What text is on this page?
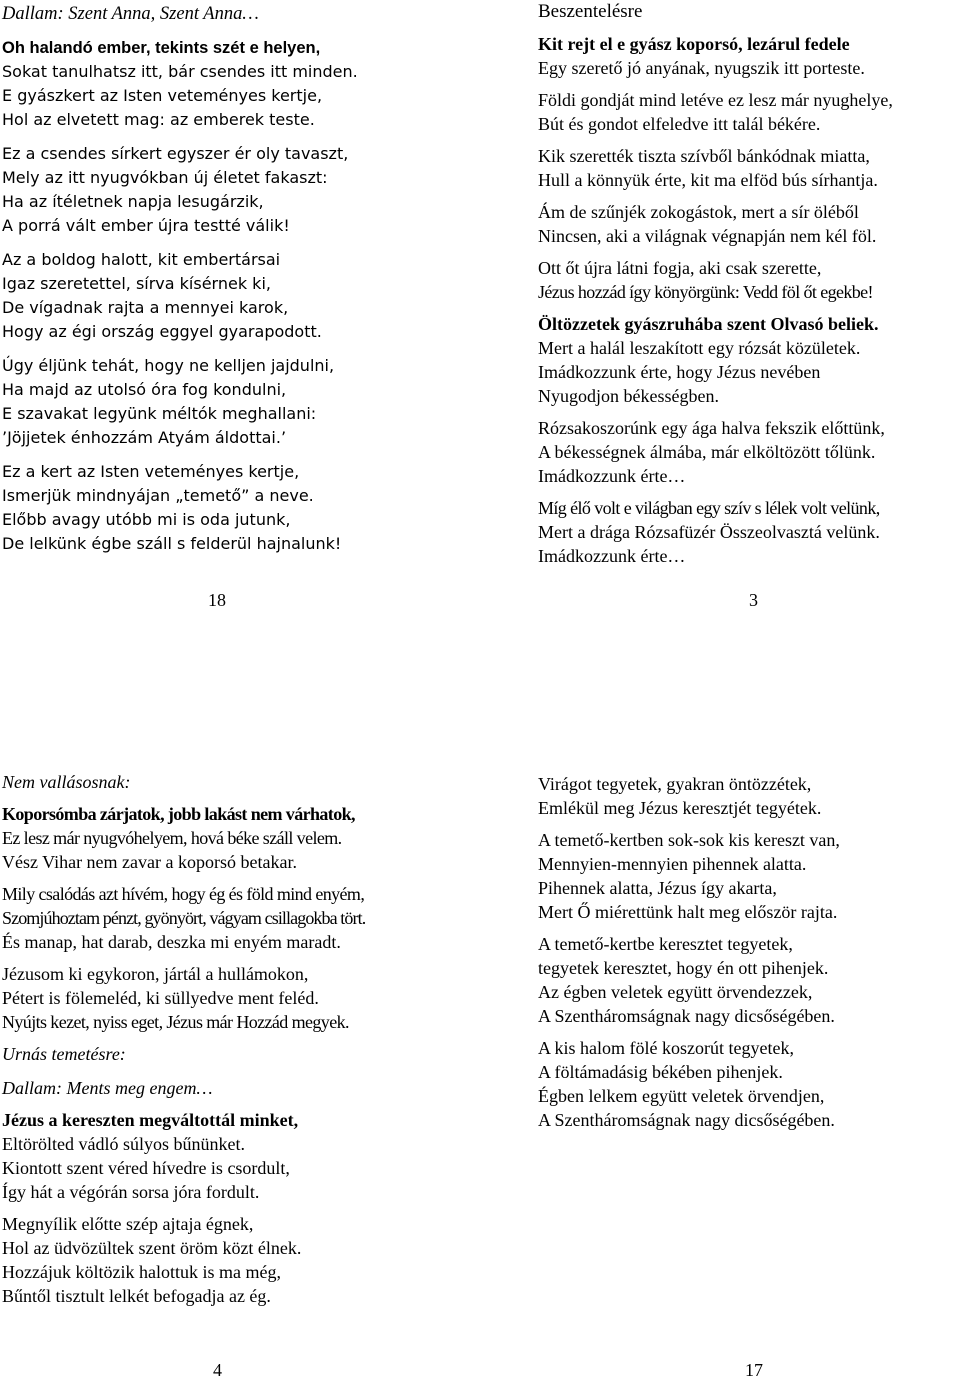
Dallam: Szent Anna, Szent Anna…
Oh halandó ember, tekints szét e helyen,
Sokat tanulhatsz itt, bár csendes itt minden.
E gyászkert az Isten veteményes kertje,
Hol az elvetett mag: az emberek teste.
Ez a csendes sírkert egyszer ér oly tavaszt,
Mely az itt nyugvókban új életet fakaszt:
Ha az ítéletnek napja lesugárzik,
A porrá vált ember újra testté válik!
Az a boldog halott, kit embertársai
Igaz szeretettel, sírva kísérnek ki,
De vígadnak rajta a mennyei karok,
Hogy az égi ország eggyel gyarapodott.
Úgy éljünk tehát, hogy ne kelljen jajdulni,
Ha majd az utolsó óra fog kondulni,
E szavakat legyünk méltók meghallani:
’Jöjjetek énhozzám Atyám áldottai.’
Ez a kert az Isten veteményes kertje,
Ismerjük mindnyájan „temető” a neve.
Előbb avagy utóbb mi is oda jutunk,
De lelkünk égbe száll s felderül hajnalunk!
18
Beszentelésre
Kit rejt el e gyász koporsó, lezárul fedele
Egy szerető jó anyának, nyugszik itt porteste.
Földi gondját mind letéve ez lesz már nyughelye,
Bút és gondot elfeledve itt talál békére.
Kik szerették tiszta szívből bánkódnak miatta,
Hull a könnyük érte, kit ma elföd bús sírhantja.
Ám de szűnjék zokogástok, mert a sír öléből
Nincsen, aki a világnak végnapján nem kél föl.
Ott őt újra látni fogja, aki csak szerette,
Jézus hozzád így könyörgünk: Vedd föl őt egekbe!
Öltözzetek gyászruhába szent Olvasó beliek.
Mert a halál leszakított egy rózsát közületek.
Imádkozzunk érte, hogy Jézus nevében
Nyugodjon békességben.
Rózsakoszorúnk egy ága halva fekszik előttünk,
A békességnek álmába, már elköltözött tőlünk.
Imádkozzunk érte…
Míg élő volt e világban egy szív s lélek volt velünk,
Mert a drága Rózsafüzér Összeolvasztá velünk.
Imádkozzunk érte…
3
Nem vallásosnak:
Koporsómba zárjatok, jobb lakást nem várhatok,
Ez lesz már nyugvóhelyem, hová béke száll velem.
Vész Vihar nem zavar a koporsó betakar.
Mily csalódás azt hívém, hogy ég és föld mind enyém,
Szomjúhoztam pénzt, gyönyört, vágyam csillagokba tört.
És manap, hat darab, deszka mi enyém maradt.
Jézusom ki egykoron, jártál a hullámokon,
Pétert is fölemeléd, ki süllyedve ment feléd.
Nyújts kezet, nyiss eget, Jézus már Hozzád megyek.
Urnás temetésre:
Dallam: Ments meg engem…
Jézus a kereszten megváltottál minket,
Eltörölted vádló súlyos bűnünket.
Kiontott szent véred hívedre is csordult,
Így hát a végórán sorsa jóra fordult.
Megnyílik előtte szép ajtaja égnek,
Hol az üdvözültek szent öröm közt élnek.
Hozzájuk költözik halottuk is ma még,
Bűntől tisztult lelkét befogadja az ég.
4
Virágot tegyetek, gyakran öntözzétek,
Emlékül meg Jézus keresztjét tegyétek.
A temető-kertben sok-sok kis kereszt van,
Mennyien-mennyien pihennek alatta.
Pihennek alatta, Jézus így akarta,
Mert Ő miérettünk halt meg először rajta.
A temető-kertbe keresztet tegyetek,
tegyetek keresztet, hogy én ott pihenjek.
Az égben veletek együtt örvendezzek,
A Szentháromságnak nagy dicsőségében.
A kis halom fölé koszorút tegyetek,
A föltámadásig békében pihenjek.
Égben lelkem együtt veletek örvendjen,
A Szentháromságnak nagy dicsőségében.
17
